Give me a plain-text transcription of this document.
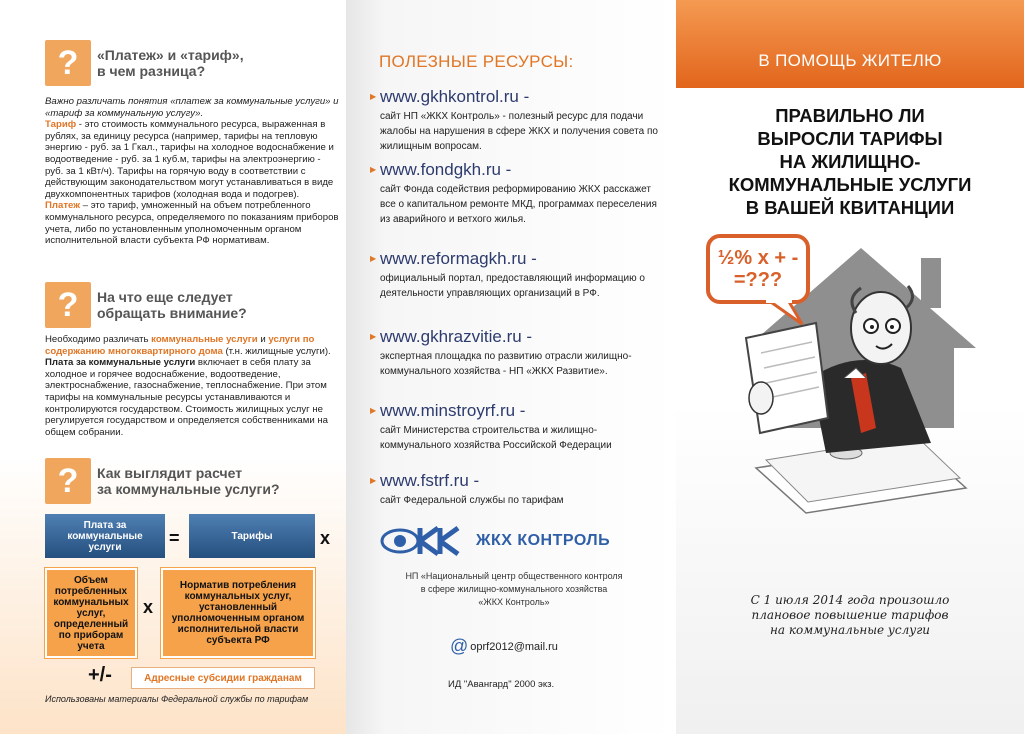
?	«Платеж» и «тариф»,
в чем разница?
Важно различать понятия «платеж за коммунальные услуги» и «тариф за коммунальную услугу».
Тариф - это стоимость коммунального ресурса, выраженная в рублях, за единицу ресурса (например, тарифы на тепловую энергию - руб. за 1 Гкал., тарифы на холодное водоснабжение и водоотведение - руб. за 1 куб.м, тарифы на электроэнергию - руб. за 1 кВт/ч). Тарифы на горячую воду в соответствии с действующим законодательством могут устанавливаться в виде двухкомпонентных тарифов (холодная вода и подогрев).
Платеж – это тариф, умноженный на объем потребленного коммунального ресурса, определяемого по показаниям приборов учета, либо по установленным уполномоченным органом исполнительной власти субъекта РФ нормативам.
?	На что еще следует
обращать внимание?
Необходимо различать коммунальные услуги и услуги по содержанию многоквартирного дома (т.н. жилищные услуги).
Плата за коммунальные услуги включает в себя плату за холодное и горячее водоснабжение, водоотведение, электроснабжение, газоснабжение, теплоснабжение. При этом тарифы на коммунальные ресурсы устанавливаются и контролируются государством. Стоимость жилищных услуг не регулируется государством и определяется собственниками на общем собрании.
?	Как выглядит расчет
за коммунальные услуги?
Плата за коммунальные услуги	=	Тарифы	х
Объем потребленных коммунальных услуг, определенный по приборам учета
х
Норматив потребления коммунальных услуг, установленный уполномоченным органом исполнительной власти субъекта РФ
+/-	Адресные субсидии гражданам
Использованы материалы Федеральной службы по тарифам
ПОЛЕЗНЫЕ РЕСУРСЫ:
▶ www.gkhkontrol.ru -
сайт НП «ЖКХ Контроль» - полезный ресурс для подачи жалобы на нарушения в сфере ЖКХ и получения совета по жилищным вопросам.
▶ www.fondgkh.ru -
сайт Фонда содействия реформированию ЖКХ расскажет все о капитальном ремонте МКД, программах переселения из аварийного и ветхого жилья.
▶ www.reformagkh.ru -
официальный портал, предоставляющий информацию о деятельности управляющих организаций в РФ.
▶ www.gkhrazvitie.ru -
экспертная площадка по развитию отрасли жилищно-коммунального хозяйства - НП «ЖКХ Развитие».
▶ www.minstroyrf.ru -
сайт Министерства строительства и жилищно-коммунального хозяйства Российской Федерации
▶ www.fstrf.ru -
сайт Федеральной службы по тарифам
ЖКХ КОНТРОЛЬ
НП «Национальный центр общественного контроля
в сфере жилищно-коммунального хозяйства
«ЖКХ Контроль»
@ oprf2012@mail.ru
ИД "Авангард" 2000 экз.
В ПОМОЩЬ ЖИТЕЛЮ
ПРАВИЛЬНО ЛИ
ВЫРОСЛИ ТАРИФЫ
НА ЖИЛИЩНО-
КОММУНАЛЬНЫЕ УСЛУГИ
В ВАШЕЙ КВИТАНЦИИ
½% х + -
=???
С 1 июля 2014 года произошло
плановое повышение тарифов
на коммунальные услуги
